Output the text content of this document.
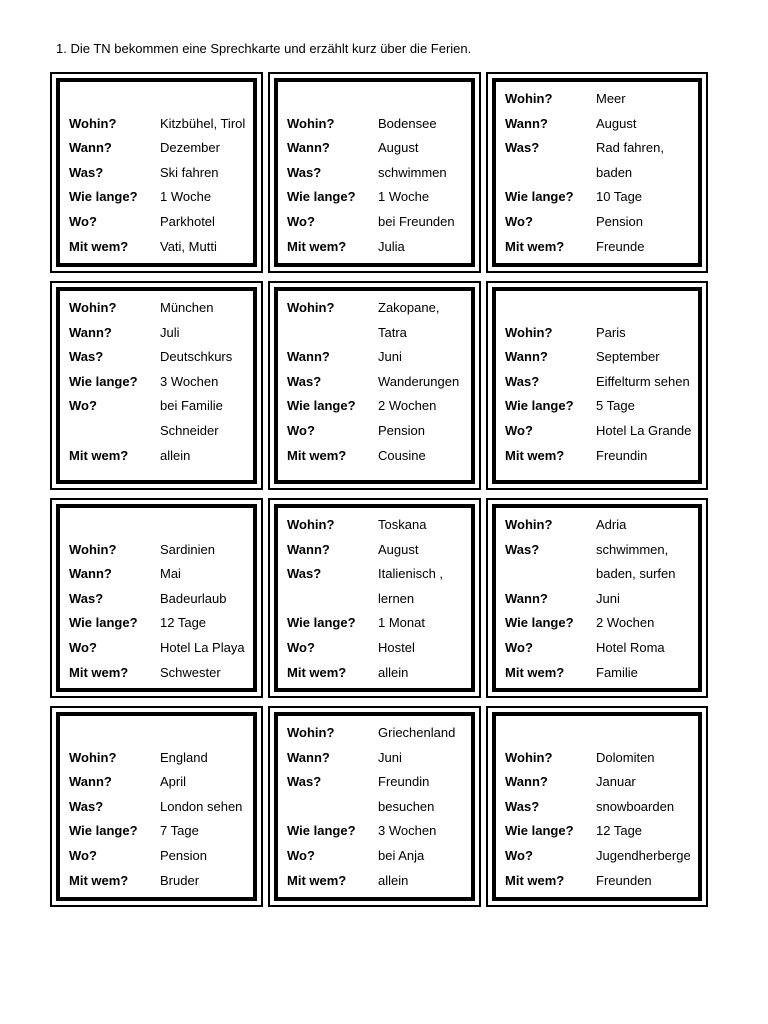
1. Die TN bekommen eine Sprechkarte und erzählt kurz über die Ferien.
Wohin?	Kitzbühel, Tirol
Wann?	Dezember
Was?	Ski fahren
Wie lange?	1 Woche
Wo?	Parkhotel
Mit wem?	Vati, Mutti
Wohin?	Bodensee
Wann?	August
Was?	schwimmen
Wie lange?	1 Woche
Wo?	bei Freunden
Mit wem?	Julia
Wohin?	Meer
Wann?	August
Was?	Rad fahren,
baden
Wie lange?	10 Tage
Wo?	Pension
Mit wem?	Freunde
Wohin?	München
Wann?	Juli
Was?	Deutschkurs
Wie lange?	3 Wochen
Wo?	bei Familie
Schneider
Mit wem?	allein
Wohin?	Zakopane,
Tatra
Wann?	Juni
Was?	Wanderungen
Wie lange?	2 Wochen
Wo?	Pension
Mit wem?	Cousine
Wohin?	Paris
Wann?	September
Was?	Eiffelturm sehen
Wie lange?	5 Tage
Wo?	Hotel La Grande
Mit wem?	Freundin
Wohin?	Sardinien
Wann?	Mai
Was?	Badeurlaub
Wie lange?	12 Tage
Wo?	Hotel La Playa
Mit wem?	Schwester
Wohin?	Toskana
Wann?	August
Was?	Italienisch ,
lernen
Wie lange?	1 Monat
Wo?	Hostel
Mit wem?	allein
Wohin?	Adria
Was?	schwimmen,
baden, surfen
Wann?	Juni
Wie lange?	2 Wochen
Wo?	Hotel Roma
Mit wem?	Familie
Wohin?	England
Wann?	April
Was?	London sehen
Wie lange?	7 Tage
Wo?	Pension
Mit wem?	Bruder
Wohin?	Griechenland
Wann?	Juni
Was?	Freundin
besuchen
Wie lange?	3 Wochen
Wo?	bei Anja
Mit wem?	allein
Wohin?	Dolomiten
Wann?	Januar
Was?	snowboarden
Wie lange?	12 Tage
Wo?	Jugendherberge
Mit wem?	Freunden
